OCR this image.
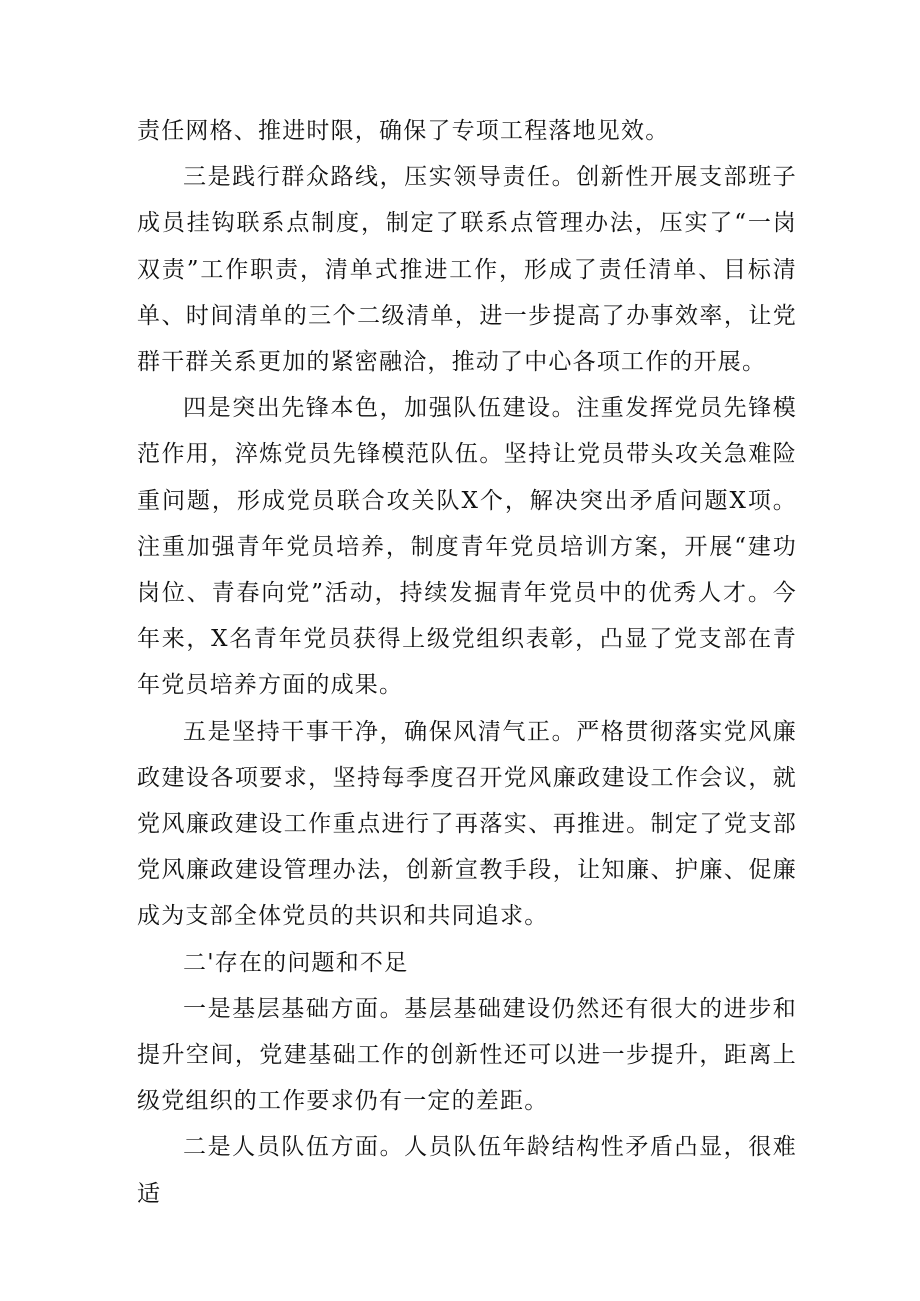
责任网格、推进时限，确保了专项工程落地见效。

三是践行群众路线，压实领导责任。创新性开展支部班子成员挂钩联系点制度，制定了联系点管理办法，压实了“一岗双责”工作职责，清单式推进工作，形成了责任清单、目标清单、时间清单的三个二级清单，进一步提高了办事效率，让党群干群关系更加的紧密融洽，推动了中心各项工作的开展。

四是突出先锋本色，加强队伍建设。注重发挥党员先锋模范作用，淬炼党员先锋模范队伍。坚持让党员带头攻关急难险重问题，形成党员联合攻关队X个，解决突出矛盾问题X项。注重加强青年党员培养，制度青年党员培训方案，开展“建功岗位、青春向党”活动，持续发掘青年党员中的优秀人才。今年来，X名青年党员获得上级党组织表彰，凸显了党支部在青年党员培养方面的成果。

五是坚持干事干净，确保风清气正。严格贯彻落实党风廉政建设各项要求，坚持每季度召开党风廉政建设工作会议，就党风廉政建设工作重点进行了再落实、再推进。制定了党支部党风廉政建设管理办法，创新宣教手段，让知廉、护廉、促廉成为支部全体党员的共识和共同追求。

二'存在的问题和不足

一是基层基础方面。基层基础建设仍然还有很大的进步和提升空间，党建基础工作的创新性还可以进一步提升，距离上级党组织的工作要求仍有一定的差距。

二是人员队伍方面。人员队伍年龄结构性矛盾凸显，很难适
